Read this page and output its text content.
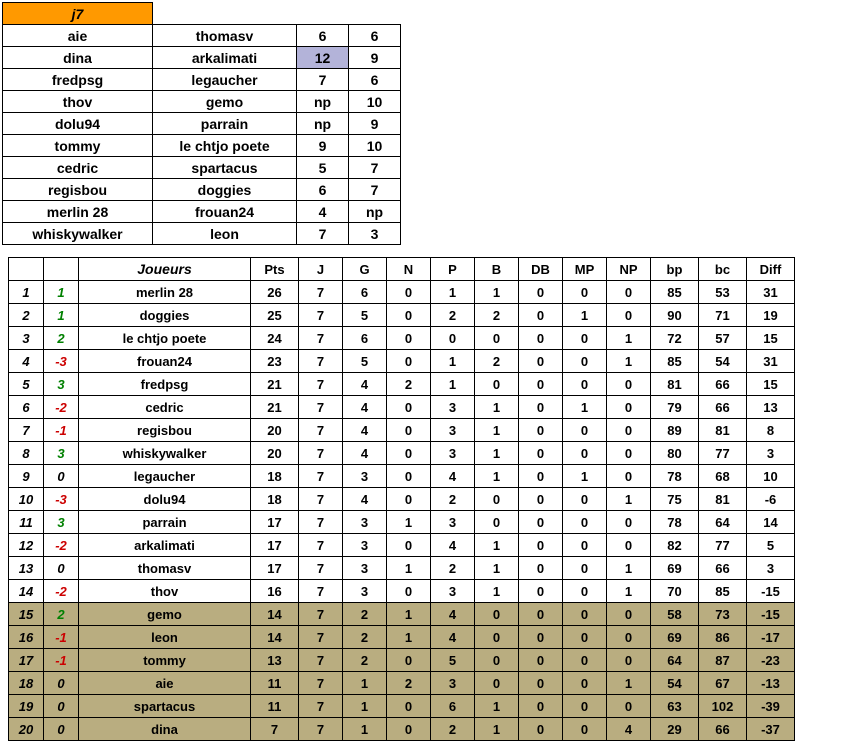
j7			
aie	thomasv	6	6
dina	arkalimati	12	9
fredpsg	legaucher	7	6
thov	gemo	np	10
dolu94	parrain	np	9
tommy	le chtjo poete	9	10
cedric	spartacus	5	7
regisbou	doggies	6	7
merlin 28	frouan24	4	np
whiskywalker	leon	7	3
		Joueurs	Pts	J	G	N	P	B	DB	MP	NP	bp	bc	Diff
1	1	merlin 28	26	7	6	0	1	1	0	0	0	85	53	31
2	1	doggies	25	7	5	0	2	2	0	1	0	90	71	19
3	2	le chtjo poete	24	7	6	0	0	0	0	0	1	72	57	15
4	-3	frouan24	23	7	5	0	1	2	0	0	1	85	54	31
5	3	fredpsg	21	7	4	2	1	0	0	0	0	81	66	15
6	-2	cedric	21	7	4	0	3	1	0	1	0	79	66	13
7	-1	regisbou	20	7	4	0	3	1	0	0	0	89	81	8
8	3	whiskywalker	20	7	4	0	3	1	0	0	0	80	77	3
9	0	legaucher	18	7	3	0	4	1	0	1	0	78	68	10
10	-3	dolu94	18	7	4	0	2	0	0	0	1	75	81	-6
11	3	parrain	17	7	3	1	3	0	0	0	0	78	64	14
12	-2	arkalimati	17	7	3	0	4	1	0	0	0	82	77	5
13	0	thomasv	17	7	3	1	2	1	0	0	1	69	66	3
14	-2	thov	16	7	3	0	3	1	0	0	1	70	85	-15
15	2	gemo	14	7	2	1	4	0	0	0	0	58	73	-15
16	-1	leon	14	7	2	1	4	0	0	0	0	69	86	-17
17	-1	tommy	13	7	2	0	5	0	0	0	0	64	87	-23
18	0	aie	11	7	1	2	3	0	0	0	1	54	67	-13
19	0	spartacus	11	7	1	0	6	1	0	0	0	63	102	-39
20	0	dina	7	7	1	0	2	1	0	0	4	29	66	-37
